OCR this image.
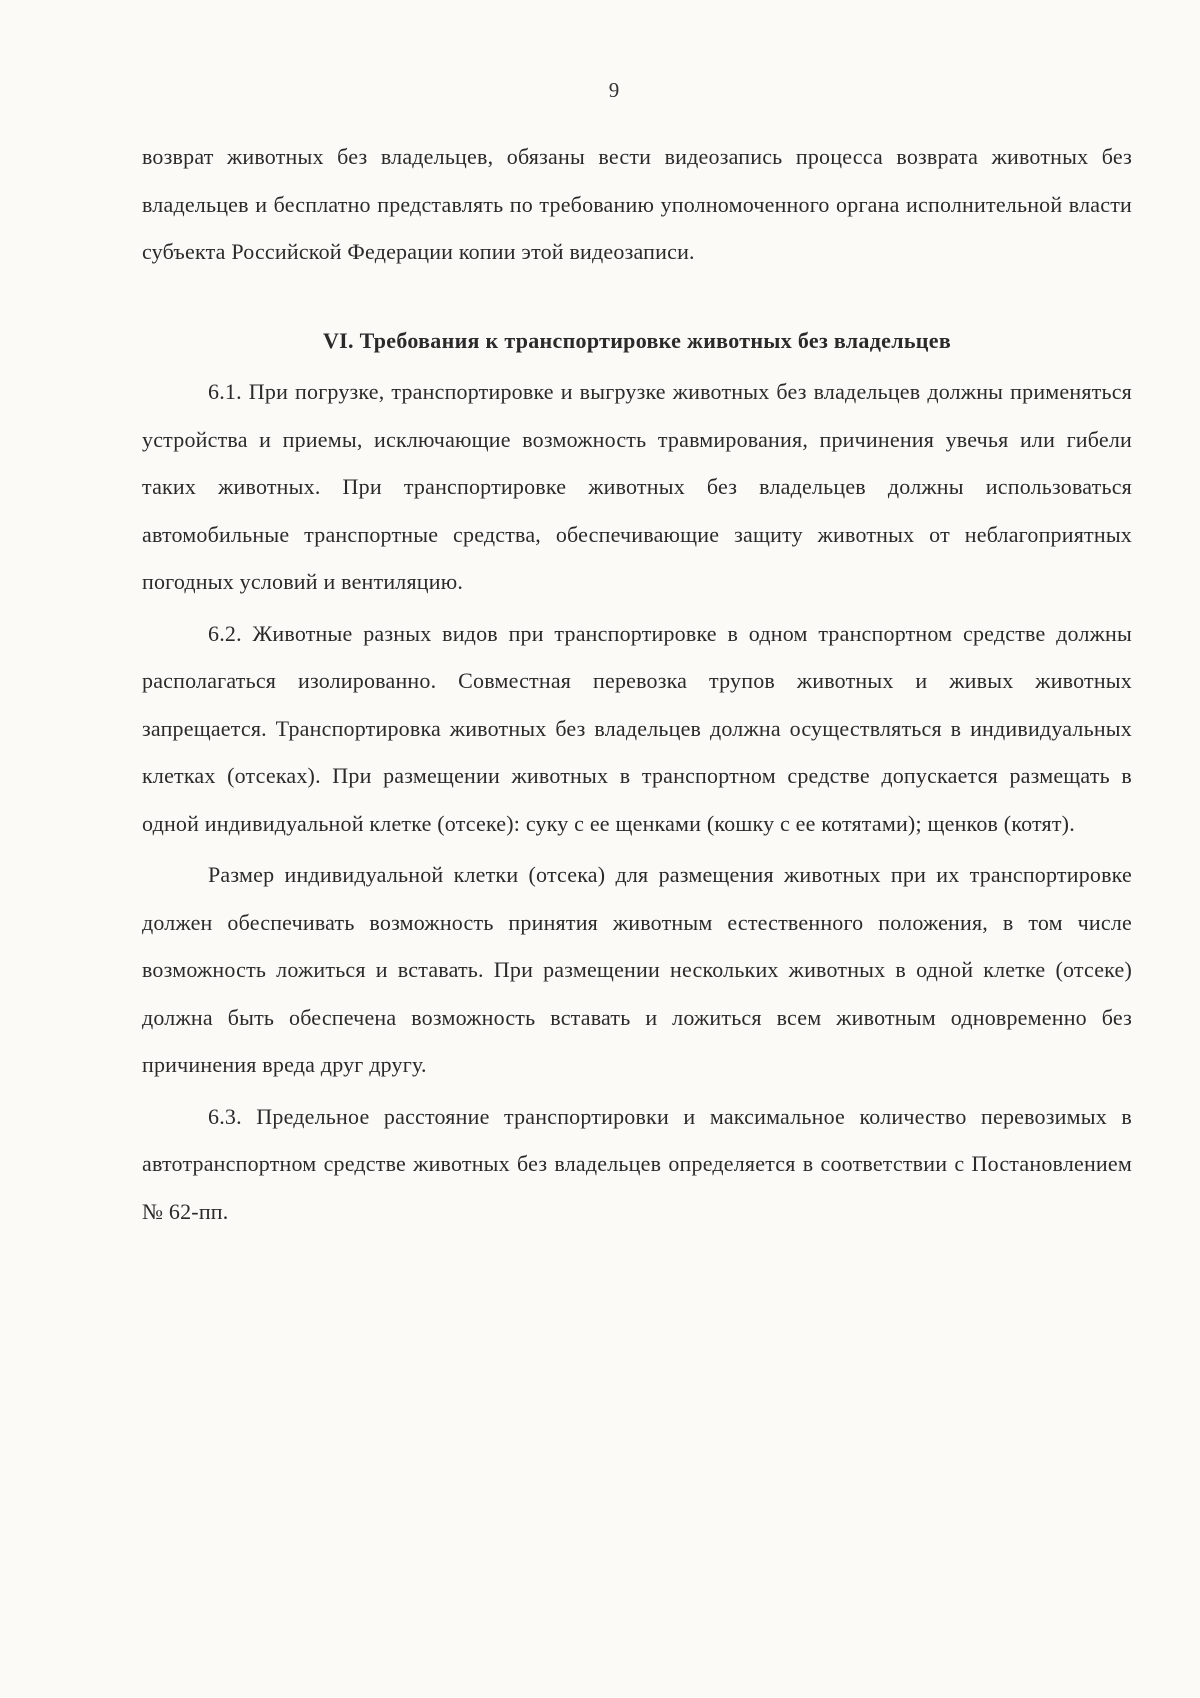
9

возврат животных без владельцев, обязаны вести видеозапись процесса возврата животных без владельцев и бесплатно представлять по требованию уполномоченного органа исполнительной власти субъекта Российской Федерации копии этой видеозаписи.

VI. Требования к транспортировке животных без владельцев

6.1. При погрузке, транспортировке и выгрузке животных без владельцев должны применяться устройства и приемы, исключающие возможность травмирования, причинения увечья или гибели таких животных. При транспортировке животных без владельцев должны использоваться автомобильные транспортные средства, обеспечивающие защиту животных от неблагоприятных погодных условий и вентиляцию.

6.2. Животные разных видов при транспортировке в одном транспортном средстве должны располагаться изолированно. Совместная перевозка трупов животных и живых животных запрещается. Транспортировка животных без владельцев должна осуществляться в индивидуальных клетках (отсеках). При размещении животных в транспортном средстве допускается размещать в одной индивидуальной клетке (отсеке): суку с ее щенками (кошку с ее котятами); щенков (котят).

Размер индивидуальной клетки (отсека) для размещения животных при их транспортировке должен обеспечивать возможность принятия животным естественного положения, в том числе возможность ложиться и вставать. При размещении нескольких животных в одной клетке (отсеке) должна быть обеспечена возможность вставать и ложиться всем животным одновременно без причинения вреда друг другу.

6.3. Предельное расстояние транспортировки и максимальное количество перевозимых в автотранспортном средстве животных без владельцев определяется в соответствии с Постановлением № 62-пп.
